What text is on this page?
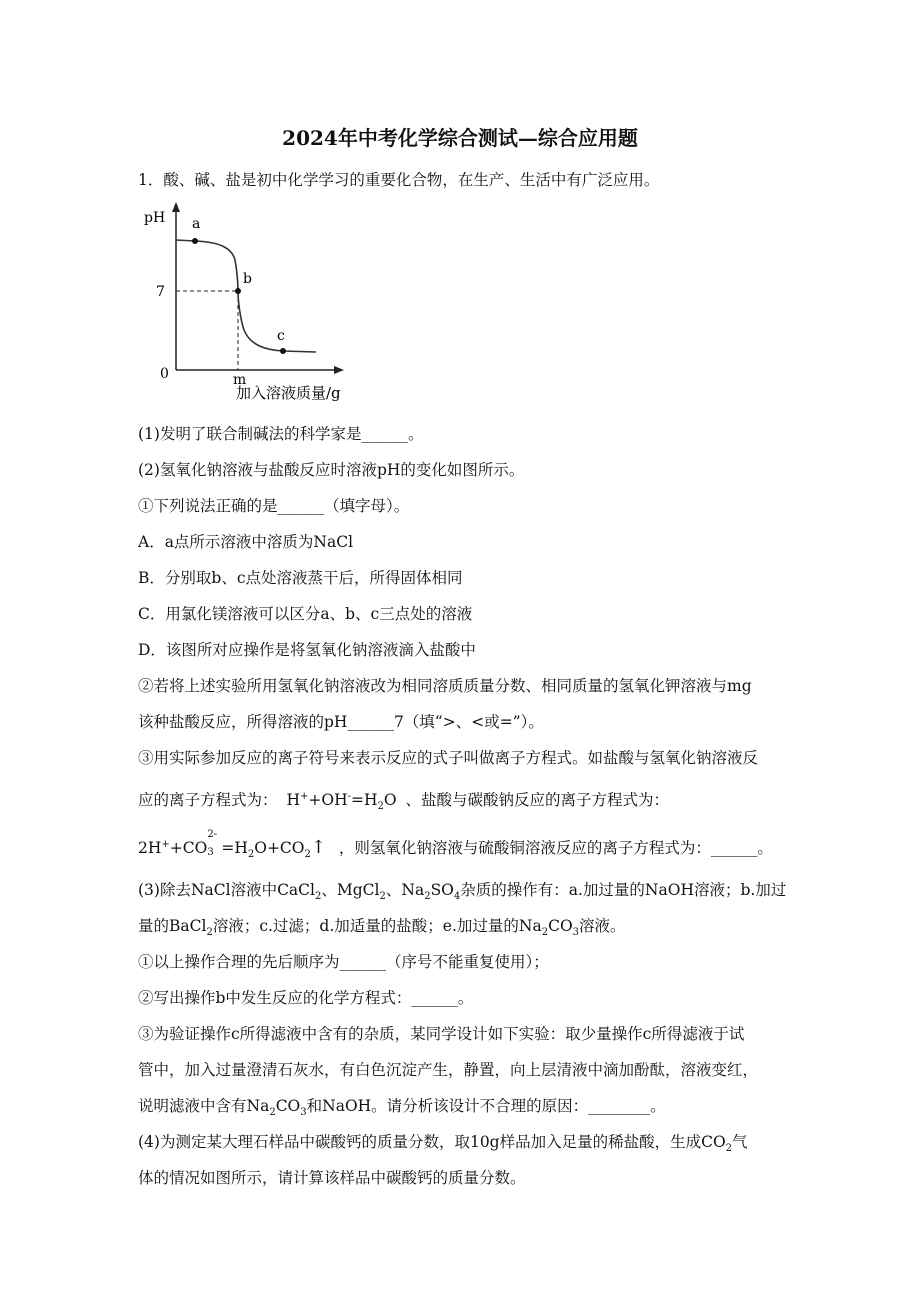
2024年中考化学综合测试—综合应用题
1．酸、碱、盐是初中化学学习的重要化合物，在生产、生活中有广泛应用。
pH a
b
c
7
0	m
加入溶液质量/g
(1)发明了联合制碱法的科学家是______。
(2)氢氧化钠溶液与盐酸反应时溶液pH的变化如图所示。
①下列说法正确的是______（填字母）。
A．a点所示溶液中溶质为NaCl
B．分别取b、c点处溶液蒸干后，所得固体相同
C．用氯化镁溶液可以区分a、b、c三点处的溶液
D．该图所对应操作是将氢氧化钠溶液滴入盐酸中
②若将上述实验所用氢氧化钠溶液改为相同溶质质量分数、相同质量的氢氧化钾溶液与mg
该种盐酸反应，所得溶液的pH______7（填“>、<或=”）。
③用实际参加反应的离子符号来表示反应的式子叫做离子方程式。如盐酸与氢氧化钠溶液反
应的离子方程式为： $H^++OH^-=H_2O$ 、盐酸与碳酸钠反应的离子方程式为：
2H++CO
2-
$3 =H_2O+CO_2↑$ ，则氢氧化钠溶液与硫酸铜溶液反应的离子方程式为：______。
(3)除去NaCl溶液中CaCl$_2$、MgCl$_2$、$Na_2SO_4$杂质的操作有：a.加过量的NaOH溶液；b.加过
量的BaCl$_2$溶液；c.过滤；d.加适量的盐酸；e.加过量的$Na_2CO_3$溶液。
①以上操作合理的先后顺序为______（序号不能重复使用）；
②写出操作b中发生反应的化学方程式：______。
③为验证操作c所得滤液中含有的杂质，某同学设计如下实验：取少量操作c所得滤液于试
管中，加入过量澄清石灰水，有白色沉淀产生，静置，向上层清液中滴加酚酞，溶液变红，
说明滤液中含有$Na_2CO_3$和NaOH。请分析该设计不合理的原因：________。
(4)为测定某大理石样品中碳酸钙的质量分数，取10g样品加入足量的稀盐酸，生成$CO_2$气
体的情况如图所示，请计算该样品中碳酸钙的质量分数。
